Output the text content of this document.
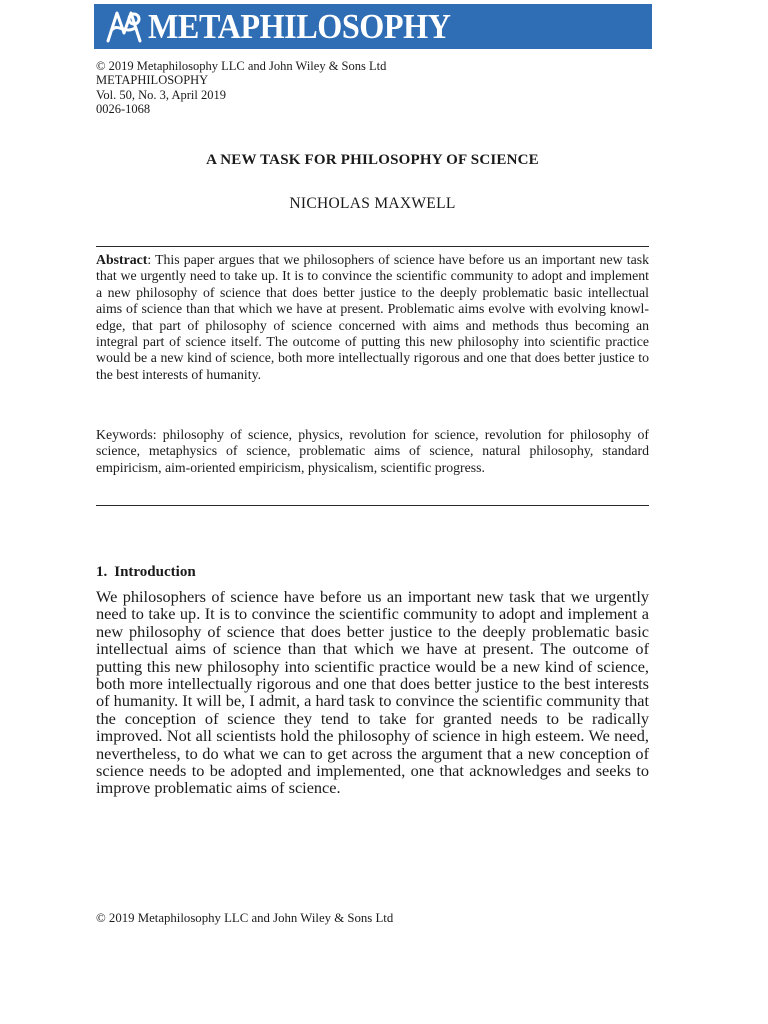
METAPHILOSOPHY
© 2019 Metaphilosophy LLC and John Wiley & Sons Ltd
METAPHILOSOPHY
Vol. 50, No. 3, April 2019
0026-1068
A NEW TASK FOR PHILOSOPHY OF SCIENCE
NICHOLAS MAXWELL
Abstract: This paper argues that we philosophers of science have before us an important new task that we urgently need to take up. It is to convince the scientific community to adopt and implement a new philosophy of science that does better justice to the deeply problematic basic intellectual aims of science than that which we have at present. Problematic aims evolve with evolving knowledge, that part of philosophy of science concerned with aims and methods thus becoming an integral part of science itself. The outcome of putting this new philosophy into scientific practice would be a new kind of science, both more intellectually rigorous and one that does better justice to the best interests of humanity.
Keywords: philosophy of science, physics, revolution for science, revolution for philosophy of science, metaphysics of science, problematic aims of science, natural philosophy, standard empiricism, aim-oriented empiricism, physicalism, scientific progress.
1. Introduction
We philosophers of science have before us an important new task that we urgently need to take up. It is to convince the scientific community to adopt and implement a new philosophy of science that does better justice to the deeply problematic basic intellectual aims of science than that which we have at present. The outcome of putting this new philosophy into scientific practice would be a new kind of science, both more intellectually rigorous and one that does better justice to the best interests of humanity. It will be, I admit, a hard task to convince the scientific community that the conception of science they tend to take for granted needs to be radically improved. Not all scientists hold the philosophy of science in high esteem. We need, nevertheless, to do what we can to get across the argument that a new conception of science needs to be adopted and implemented, one that acknowledges and seeks to improve problematic aims of science.
© 2019 Metaphilosophy LLC and John Wiley & Sons Ltd
